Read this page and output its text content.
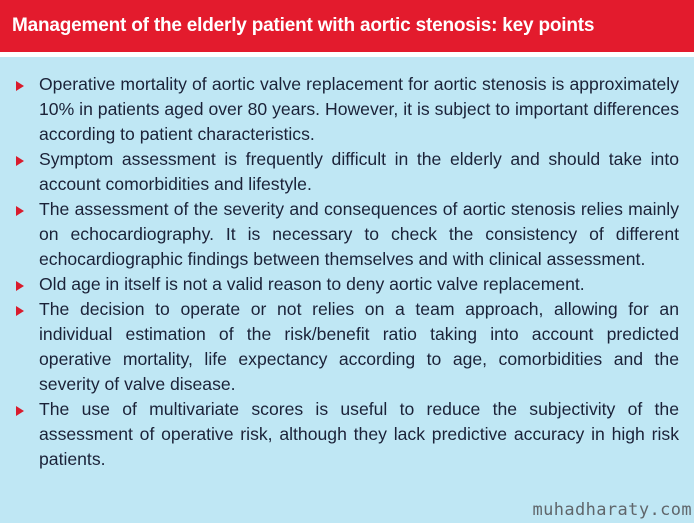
Management of the elderly patient with aortic stenosis: key points
Operative mortality of aortic valve replacement for aortic stenosis is approximately 10% in patients aged over 80 years. However, it is subject to important differences according to patient characteristics.
Symptom assessment is frequently difficult in the elderly and should take into account comorbidities and lifestyle.
The assessment of the severity and consequences of aortic stenosis relies mainly on echocardiography. It is necessary to check the consistency of different echocardiographic findings between themselves and with clinical assessment.
Old age in itself is not a valid reason to deny aortic valve replacement.
The decision to operate or not relies on a team approach, allowing for an individual estimation of the risk/benefit ratio taking into account predicted operative mortality, life expectancy according to age, comorbidities and the severity of valve disease.
The use of multivariate scores is useful to reduce the subjectivity of the assessment of operative risk, although they lack predictive accuracy in high risk patients.
muhadharaty.com
